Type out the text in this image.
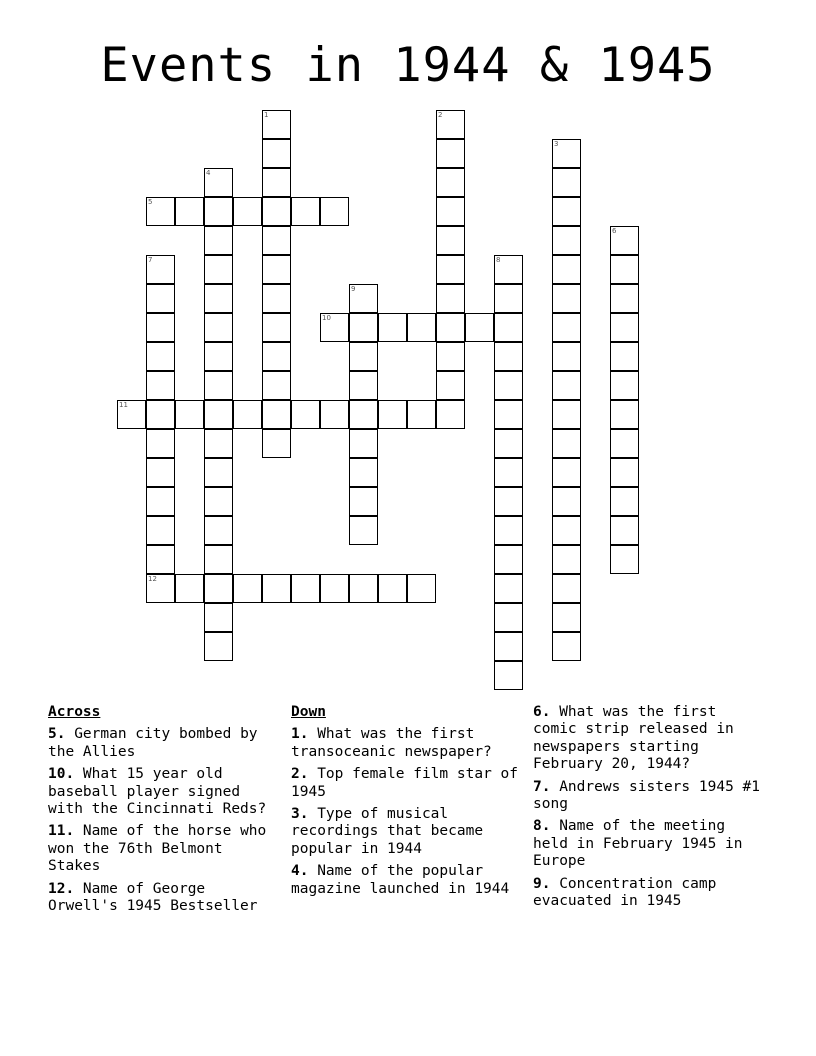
Events in 1944 & 1945
1	2
3
4
5
6
7
12
8
9
10
11
Across
5. German city bombed by the Allies
10. What 15 year old baseball player signed with the Cincinnati Reds?
11. Name of the horse who won the 76th Belmont Stakes
12. Name of George Orwell's 1945 Bestseller
Down
1. What was the first transoceanic newspaper?
2. Top female film star of 1945
3. Type of musical recordings that became popular in 1944
4. Name of the popular magazine launched in 1944
6. What was the first comic strip released in newspapers starting February 20, 1944?
7. Andrews sisters 1945 #1 song
8. Name of the meeting held in February 1945 in Europe
9. Concentration camp evacuated in 1945
